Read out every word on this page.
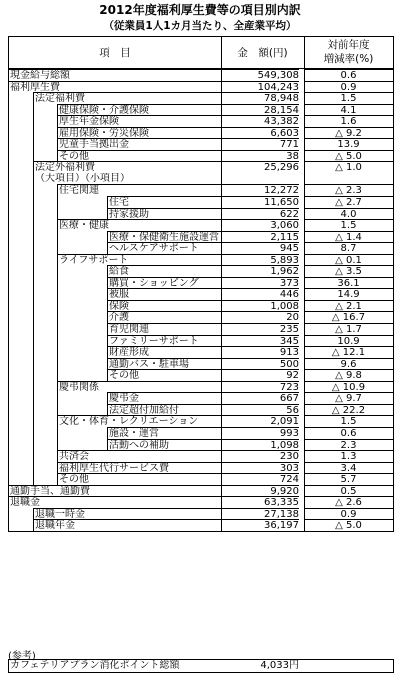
2012年度福利厚生費等の項目別内訳
（従業員1人1カ月当たり、全産業平均）
項　目	金　額(円)
対前年度
増減率(%)
現金給与総額	549,308	0.6
福利厚生費	104,243	0.9
法定福利費	78,948	1.5
健康保険・介護保険	28,154	4.1
厚生年金保険	43,382	1.6
雇用保険・労災保険	6,603	△ 9.2
児童手当拠出金	771	13.9
その他	38	△ 5.0
法定外福利費	25,296	△ 1.0
（大項目）（小項目）
住宅関連	12,272	△ 2.3
住宅	11,650	△ 2.7
持家援助	622	4.0
医療・健康	3,060	1.5
医療・保健衛生施設運営	2,115	△ 1.4
ヘルスケアサポート	945	8.7
ライフサポート	5,893	△ 0.1
給食	1,962	△ 3.5
購買・ショッピング	373	36.1
被服	446	14.9
保険	1,008	△ 2.1
介護	20	△ 16.7
育児関連	235	△ 1.7
ファミリーサポート	345	10.9
財産形成	913	△ 12.1
通勤バス・駐車場	500	9.6
その他	92	△ 9.8
慶弔関係	723	△ 10.9
慶弔金	667	△ 9.7
法定超付加給付	56	△ 22.2
文化・体育・レクリエーション	2,091	1.5
施設・運営	993	0.6
活動への補助	1,098	2.3
共済会	230	1.3
福利厚生代行サービス費	303	3.4
その他	724	5.7
通勤手当、通勤費	9,920	0.5
退職金	63,335	△ 2.6
退職一時金	27,138	0.9
退職年金	36,197	△ 5.0
(参考)
カフェテリアプラン消化ポイント総額	4,033円
